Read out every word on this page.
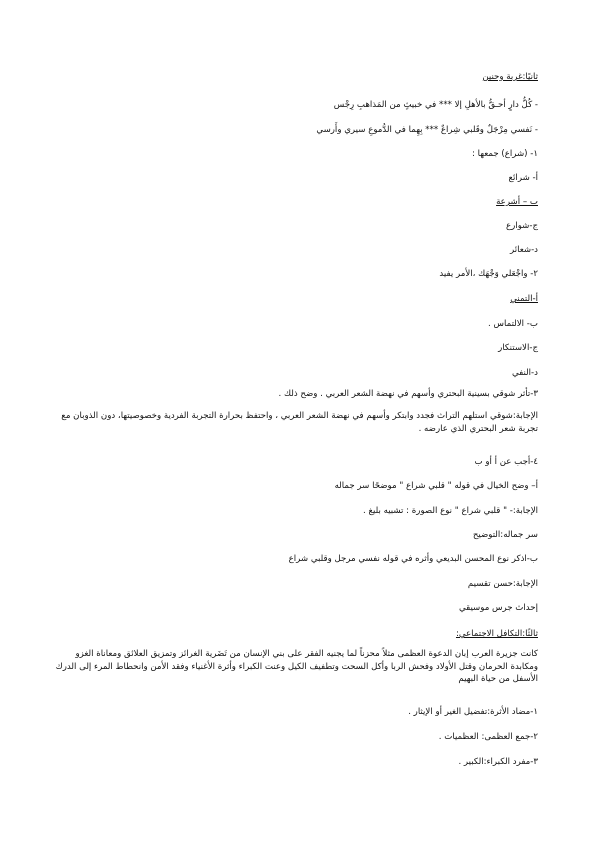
ثانيًا:غربة وحنين
- كُلُّ دارٍ أحـقُّ بالأهلِ إلا *** في خبيثٍ من المَذاهبِ رِجْس
- نَفسي مِرْجَلٌ وقَلبي شِراعٌ *** بِهِما في الدُّموعِ سيري وأَرسي
١- (شراع) جمعها :
أ- شرائع
ب – أشرعة
ج-شوارع
د-شعائر
٢- واجْعَلي وَجْهَك ،الأمر يفيد
أ-التمني
ب- الالتماس .
ج-الاستنكار
د-النفي
٣-تأثر شوقي بسينية البحتري وأسهم في نهضة الشعر العربي . وضح ذلك .
الإجابة:شوقي استلهم التراث فجدد وابتكر وأسهم في نهضة الشعر العربي ، واحتفظ بحرارة التجربة الفردية وخصوصيتها، دون الذوبان مع تجربة شعر البحتري الذي عارضه .
٤-أجب عن أ أو ب
أ– وضح الخيال في قوله " قلبي شراع " موضحًا سر جماله
الإجابة:- " قلبي شراع " نوع الصورة : تشبيه بليغ .
سر جماله:التوضيح
ب-اذكر نوع المحسن البديعي وأثره في قوله نفسي مرجل وقلبي شراع
الإجابة:حسن تقسيم
إحداث جرس موسيقي
ثالثًا:التكافل الاجتماعي:
كانت جزيرة العرب إبان الدعوة العظمى مثلاً محزناً لما يجنيه الفقر على بني الإنسان من تَضَرية الغرائز وتمزيق العلائق ومعاناة الغزو ومكابدة الحرمان وقتل الأولاد وفحش الربا وأكل السحت وتطفيف الكيل وعنت الكبراء وأثرة الأغنياء وفقد الأمن وانحطاط المرء إلى الدرك الأسفل من حياة البهيم
١-مضاد الأثرة:تفضيل الغير أو الإيثار .
٢-جمع العظمى: العظميات .
٣-مفرد الكبراء:الكبير .
